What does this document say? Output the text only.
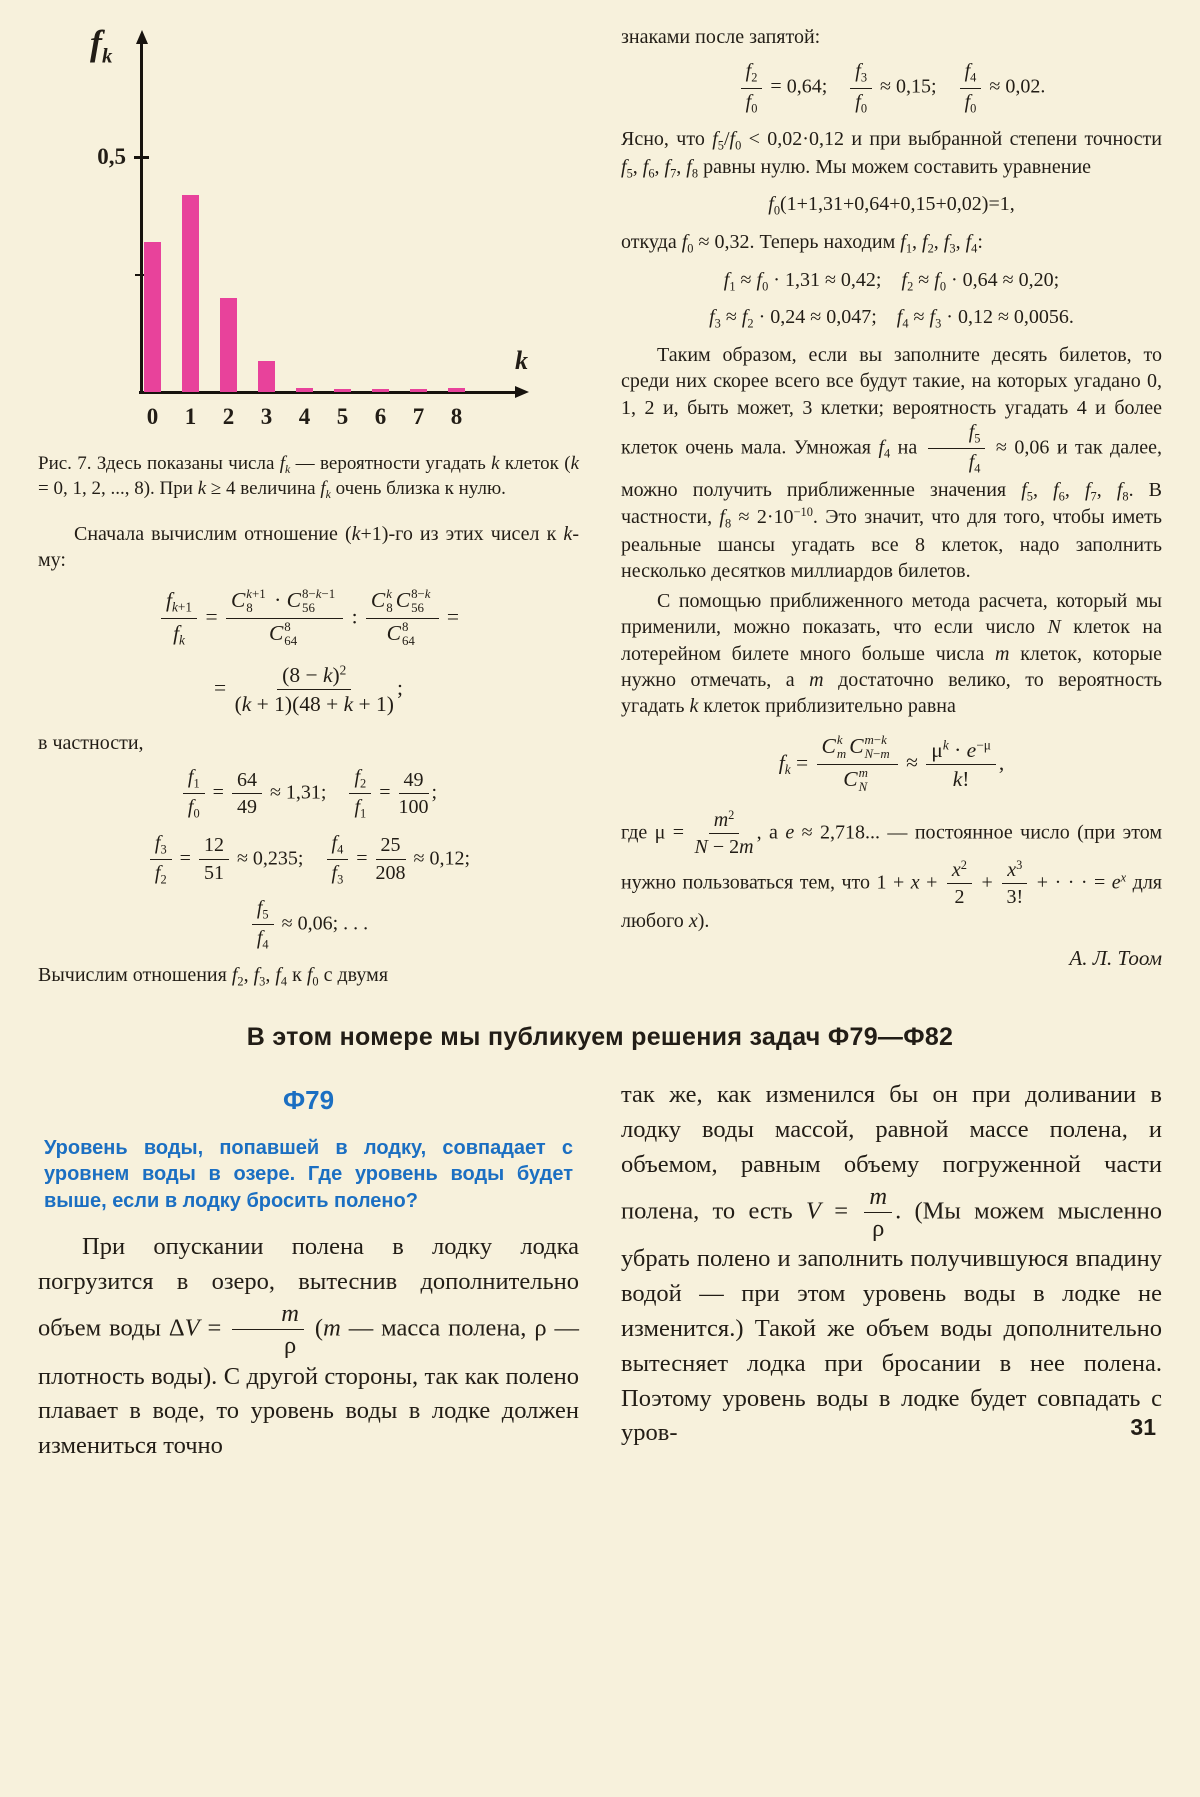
$f_k$
k
0,5
0	1	2	3	4	5	6	7	8

Рис. 7. Здесь показаны числа $f_k$ — вероятности угадать k клеток (k = 0, 1, 2, ..., 8). При k ≥ 4 величина $f_k$ очень близка к нулю.

Сначала вычислим отношение (k+1)-го из этих чисел к k-му:

$\frac{f_{k+1}}{f_k} = C$ k+1
8 · C 8−k−1
56
C 8
64 : C k
8 C 8−k
56
C 8
64 =
= $\frac{(8 - k)^2}{(k + 1)(48 + k + 1)}$ ;

в частности,

$\frac{f_1}{f_0} = \frac{64}{49} \approx 1,31$; $\frac{f_2}{f_1} = \frac{49}{100}$ ;
$\frac{f_3}{f_2} = \frac{12}{51} \approx 0,235$; $\frac{f_4}{f_3} = \frac{25}{208} \approx 0,12$;
$\frac{f_5}{f_4} \approx 0,06$; . . .

Вычислим отношения $f_2$, $f_3$, $f_4$ к $f_0$ с двумя

знаками после запятой:

$\frac{f_2}{f_0} = 0,64$; $\frac{f_3}{f_0} \approx 0,15$; $\frac{f_4}{f_0} \approx 0,02$.

Ясно, что $f_5/f_0 < 0,02\cdot 0,12$ и при выбранной степени точности $f_5$, $f_6$, $f_7$, $f_8$ равны нулю. Мы можем составить уравнение

$f_0(1+1,31+0,64+0,15+0,02)=1$,

откуда $f_0 \approx 0,32$. Теперь находим $f_1$, $f_2$, $f_3$, $f_4$:

$f_1 \approx f_0 \cdot 1,31 \approx 0,42$;    $f_2 \approx f_0 \cdot 0,64 \approx 0,20$;
$f_3 \approx f_2 \cdot 0,24 \approx 0,047$;    $f_4 \approx f_3 \cdot 0,12 \approx 0,0056$.

Таким образом, если вы заполните десять билетов, то среди них скорее всего все будут такие, на которых угадано 0, 1, 2 и, быть может, 3 клетки; вероятность угадать 4 и более клеток очень мала. Умножая $f_4$ на $\frac{f_5}{f_4} \approx 0,06$ и так далее, можно получить приближенные значения $f_5$, $f_6$, $f_7$, $f_8$. В частности, $f_8 \approx 2\cdot 10^{-10}$. Это значит, что для того, чтобы иметь реальные шансы угадать все 8 клеток, надо заполнить несколько десятков миллиардов билетов.

С помощью приближенного метода расчета, который мы применили, можно показать, что если число N клеток на лотерейном билете много больше числа m клеток, которые нужно отмечать, а m достаточно велико, то вероятность угадать k клеток приблизительно равна

$f_k$ =
C k
m C m−k
N−m
C m
N
≈ $\frac{\mu^k \cdot e^{-\mu}}{k!}$ ,

где $\mu = \frac{m^2}{N - 2m}$ , а e ≈ 2,718... — постоянное число (при этом нужно пользоваться тем, что $1 + x + \frac{x^2}{2} + \frac{x^3}{3!}$ + · · · = $e^x$ для любого x).

А. Л. Тоом

В этом номере мы публикуем решения задач Ф79—Ф82
Ф79

Уровень воды, попавшей в лодку, совпадает с уровнем воды в озере. Где уровень воды будет выше, если в лодку бросить полено?

При опускании полена в лодку лодка погрузится в озеро, вытеснив дополнительно объем воды $\Delta V = \frac{m}{\rho} (m$ — масса полена, ρ — плотность воды). С другой стороны, так как полено плавает в воде, то уровень воды в лодке должен измениться точно

так же, как изменился бы он при доливании в лодку воды массой, равной массе полена, и объемом, равным объему погруженной части полена, то есть $V = \frac{m}{\rho}$ . (Мы можем мысленно убрать полено и заполнить получившуюся впадину водой — при этом уровень воды в лодке не изменится.) Такой же объем воды дополнительно вытесняет лодка при бросании в нее полена. Поэтому уровень воды в лодке будет совпадать с уров-	31
